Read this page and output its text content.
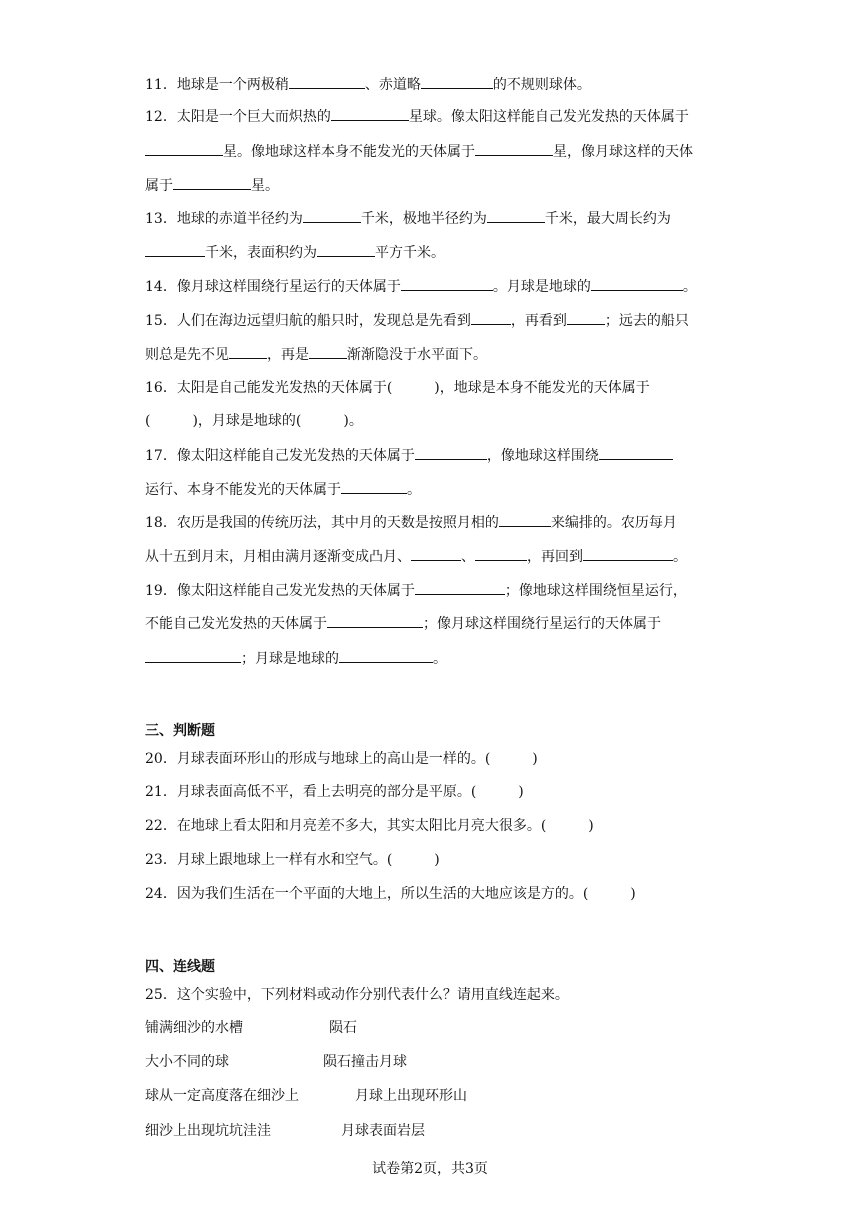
11．地球是一个两极稍	、赤道略	的不规则球体。
12．太阳是一个巨大而炽热的	星球。像太阳这样能自己发光发热的天体属于
星。像地球这样本身不能发光的天体属于	星，像月球这样的天体
属于	星。
13．地球的赤道半径约为	千米，极地半径约为	千米，最大周长约为
千米，表面积约为	平方千米。
14．像月球这样围绕行星运行的天体属于	。月球是地球的	。
15．人们在海边远望归航的船只时，发现总是先看到	，再看到	；远去的船只
则总是先不见	，再是	渐渐隐没于水平面下。
16．太阳是自己能发光发热的天体属于(　　　)，地球是本身不能发光的天体属于
(　　　)，月球是地球的(　　　)。
17．像太阳这样能自己发光发热的天体属于	，像地球这样围绕
运行、本身不能发光的天体属于	。
18．农历是我国的传统历法，其中月的天数是按照月相的	来编排的。农历每月
从十五到月末，月相由满月逐渐变成凸月、	、	，再回到	。
19．像太阳这样能自己发光发热的天体属于	；像地球这样围绕恒星运行，
不能自己发光发热的天体属于	；像月球这样围绕行星运行的天体属于
；月球是地球的	。
三、判断题
20．月球表面环形山的形成与地球上的高山是一样的。(　　　)
21．月球表面高低不平，看上去明亮的部分是平原。(　　　)
22．在地球上看太阳和月亮差不多大，其实太阳比月亮大很多。(　　　)
23．月球上跟地球上一样有水和空气。(　　　)
24．因为我们生活在一个平面的大地上，所以生活的大地应该是方的。(　　　)
四、连线题
25．这个实验中，下列材料或动作分别代表什么？请用直线连起来。
铺满细沙的水槽	陨石
大小不同的球	陨石撞击月球
球从一定高度落在细沙上	月球上出现环形山
细沙上出现坑坑洼洼	月球表面岩层
试卷第2页，共3页
